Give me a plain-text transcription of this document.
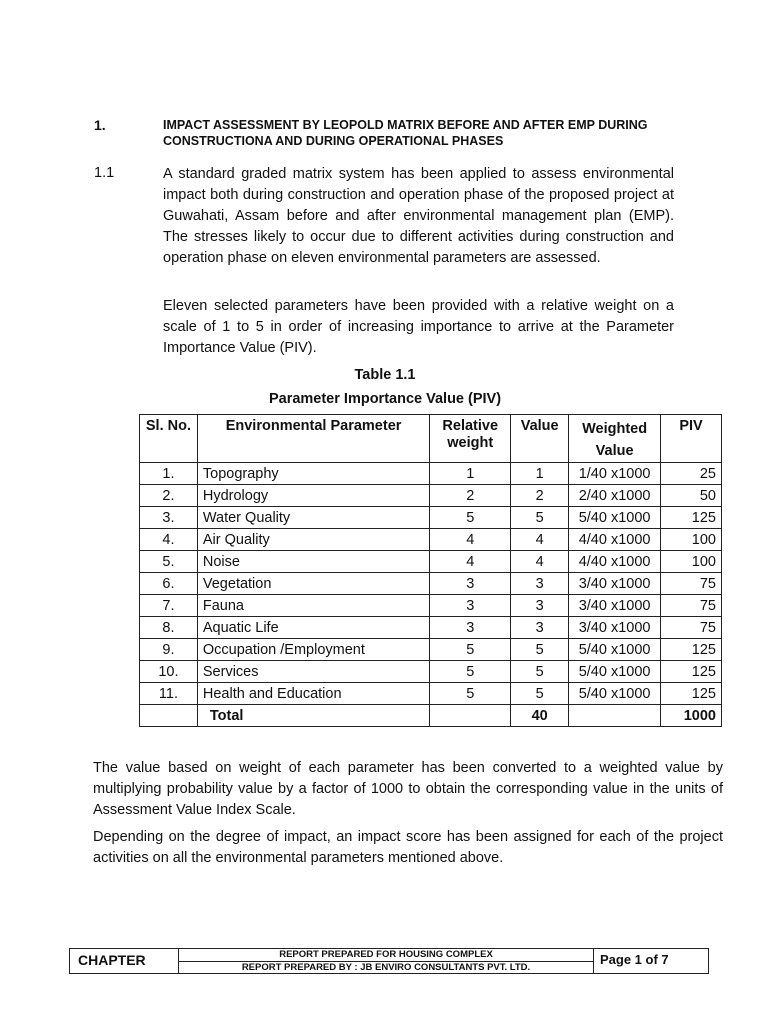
1.	IMPACT ASSESSMENT BY LEOPOLD MATRIX BEFORE AND AFTER EMP DURING CONSTRUCTIONA AND DURING OPERATIONAL PHASES
1.1	A standard graded matrix system has been applied to assess environmental impact both during construction and operation phase of the proposed project at Guwahati, Assam before and after environmental management plan (EMP). The stresses likely to occur due to different activities during construction and operation phase on eleven environmental parameters are assessed.

Eleven selected parameters have been provided with a relative weight on a scale of 1 to 5 in order of increasing importance to arrive at the Parameter Importance Value (PIV).

Table 1.1
Parameter Importance Value (PIV)
Sl. No.	Environmental Parameter	Relative weight	Value	Weighted Value	PIV
1.	Topography	1	1	1/40 x1000	25
2.	Hydrology	2	2	2/40 x1000	50
3.	Water Quality	5	5	5/40 x1000	125
4.	Air Quality	4	4	4/40 x1000	100
5.	Noise	4	4	4/40 x1000	100
6.	Vegetation	3	3	3/40 x1000	75
7.	Fauna	3	3	3/40 x1000	75
8.	Aquatic Life	3	3	3/40 x1000	75
9.	Occupation /Employment	5	5	5/40 x1000	125
10.	Services	5	5	5/40 x1000	125
11.	Health and Education	5	5	5/40 x1000	125
	Total		40		1000

The value based on weight of each parameter has been converted to a weighted value by multiplying probability value by a factor of 1000 to obtain the corresponding value in the units of Assessment Value Index Scale.

Depending on the degree of impact, an impact score has been assigned for each of the project activities on all the environmental parameters mentioned above.

CHAPTER	REPORT PREPARED FOR HOUSING COMPLEX
REPORT PREPARED BY : JB ENVIRO CONSULTANTS PVT. LTD.
Page 1 of 7
